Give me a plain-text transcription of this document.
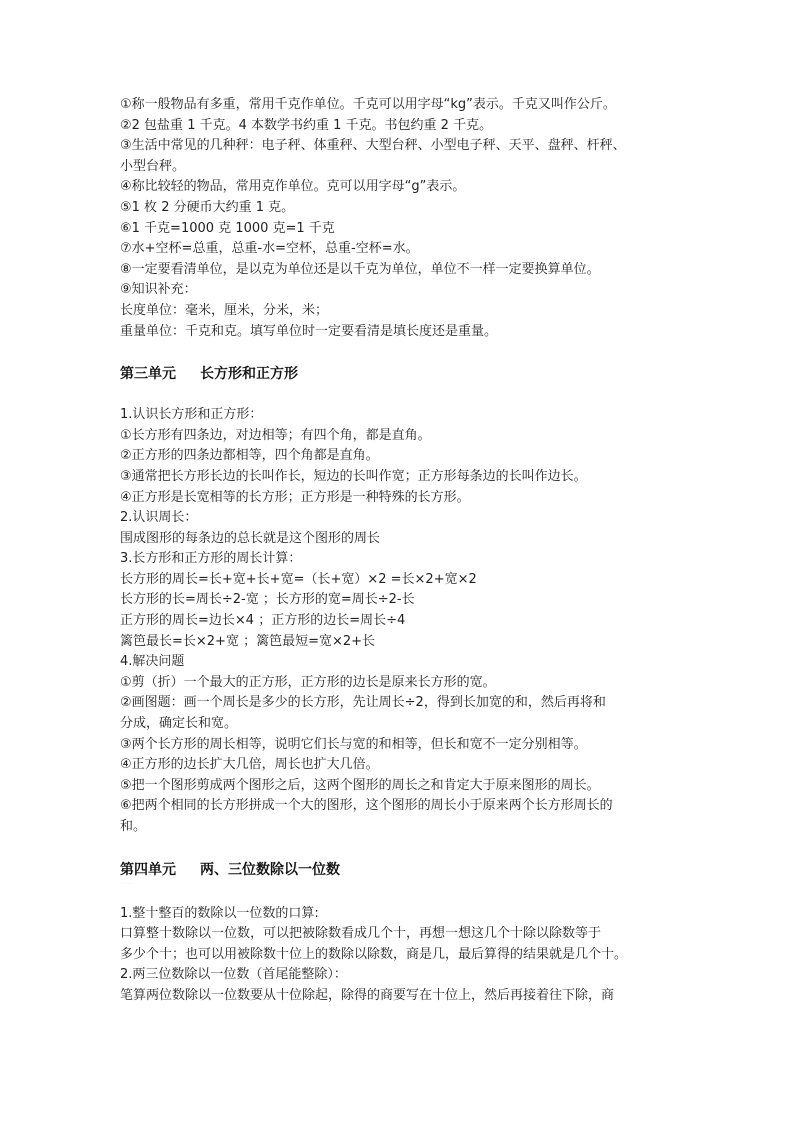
①称一般物品有多重，常用千克作单位。千克可以用字母“kg”表示。千克又叫作公斤。
②2 包盐重 1 千克。4 本数学书约重 1 千克。书包约重 2 千克。
③生活中常见的几种秤：电子秤、体重秤、大型台秤、小型电子秤、天平、盘秤、杆秤、
小型台秤。
④称比较轻的物品，常用克作单位。克可以用字母“g”表示。
⑤1 枚 2 分硬币大约重 1 克。
⑥1 千克=1000 克 1000 克=1 千克
⑦水+空杯=总重，总重-水=空杯，总重-空杯=水。
⑧一定要看清单位，是以克为单位还是以千克为单位，单位不一样一定要换算单位。
⑨知识补充：
长度单位：毫米，厘米，分米，米；
重量单位：千克和克。填写单位时一定要看清是填长度还是重量。
第三单元 长方形和正方形
1.认识长方形和正方形：
①长方形有四条边，对边相等；有四个角，都是直角。
②正方形的四条边都相等，四个角都是直角。
③通常把长方形长边的长叫作长，短边的长叫作宽；正方形每条边的长叫作边长。
④正方形是长宽相等的长方形；正方形是一种特殊的长方形。
2.认识周长：
围成图形的每条边的总长就是这个图形的周长
3.长方形和正方形的周长计算：
长方形的周长=长+宽+长+宽=（长+宽）×2 =长×2+宽×2
长方形的长=周长÷2-宽 ；长方形的宽=周长÷2-长
正方形的周长=边长×4 ；正方形的边长=周长÷4
篱笆最长=长×2+宽 ；篱笆最短=宽×2+长
4.解决问题
①剪（折）一个最大的正方形，正方形的边长是原来长方形的宽。
②画图题：画一个周长是多少的长方形，先让周长÷2，得到长加宽的和，然后再将和
分成，确定长和宽。
③两个长方形的周长相等，说明它们长与宽的和相等，但长和宽不一定分别相等。
④正方形的边长扩大几倍，周长也扩大几倍。
⑤把一个图形剪成两个图形之后，这两个图形的周长之和肯定大于原来图形的周长。
⑥把两个相同的长方形拼成一个大的图形，这个图形的周长小于原来两个长方形周长的
和。
第四单元 两、三位数除以一位数
…………
1.整十整百的数除以一位数的口算:
口算整十数除以一位数，可以把被除数看成几个十，再想一想这几个十除以除数等于
多少个十；也可以用被除数十位上的数除以除数，商是几，最后算得的结果就是几个十。
2.两三位数除以一位数（首尾能整除）：
笔算两位数除以一位数要从十位除起，除得的商要写在十位上，然后再接着往下除，商
